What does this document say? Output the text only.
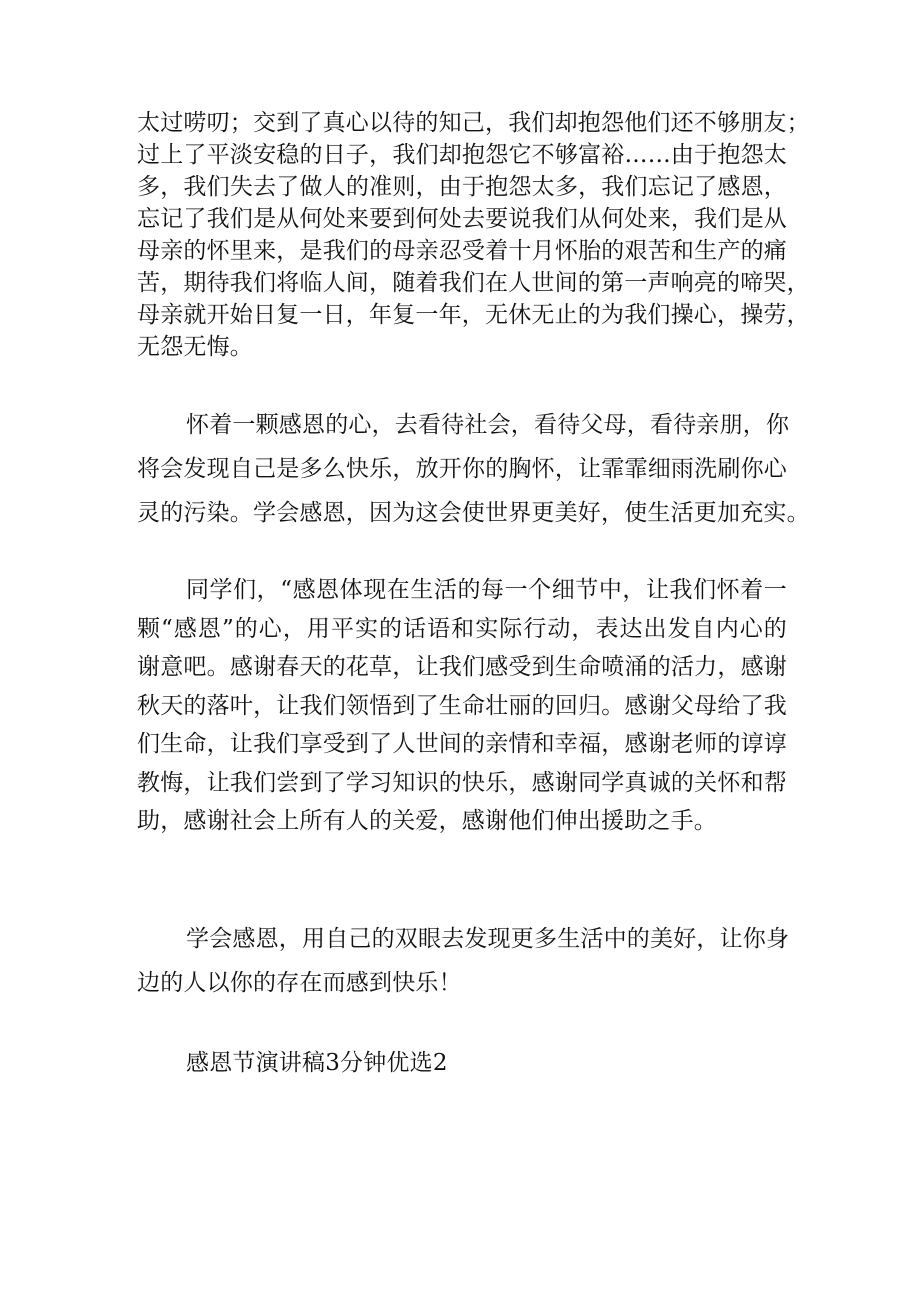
太过唠叨；交到了真心以待的知己，我们却抱怨他们还不够朋友；
过上了平淡安稳的日子，我们却抱怨它不够富裕……由于抱怨太
多，我们失去了做人的准则，由于抱怨太多，我们忘记了感恩，
忘记了我们是从何处来要到何处去要说我们从何处来，我们是从
母亲的怀里来，是我们的母亲忍受着十月怀胎的艰苦和生产的痛
苦，期待我们将临人间，随着我们在人世间的第一声响亮的啼哭，
母亲就开始日复一日，年复一年，无休无止的为我们操心，操劳，
无怨无悔。
怀着一颗感恩的心，去看待社会，看待父母，看待亲朋，你
将会发现自己是多么快乐，放开你的胸怀，让霏霏细雨洗刷你心
灵的污染。学会感恩，因为这会使世界更美好，使生活更加充实。
同学们，“感恩体现在生活的每一个细节中，让我们怀着一
颗“感恩”的心，用平实的话语和实际行动，表达出发自内心的
谢意吧。感谢春天的花草，让我们感受到生命喷涌的活力，感谢
秋天的落叶，让我们领悟到了生命壮丽的回归。感谢父母给了我
们生命，让我们享受到了人世间的亲情和幸福，感谢老师的谆谆
教悔，让我们尝到了学习知识的快乐，感谢同学真诚的关怀和帮
助，感谢社会上所有人的关爱，感谢他们伸出援助之手。
学会感恩，用自己的双眼去发现更多生活中的美好，让你身
边的人以你的存在而感到快乐！
感恩节演讲稿3分钟优选2
